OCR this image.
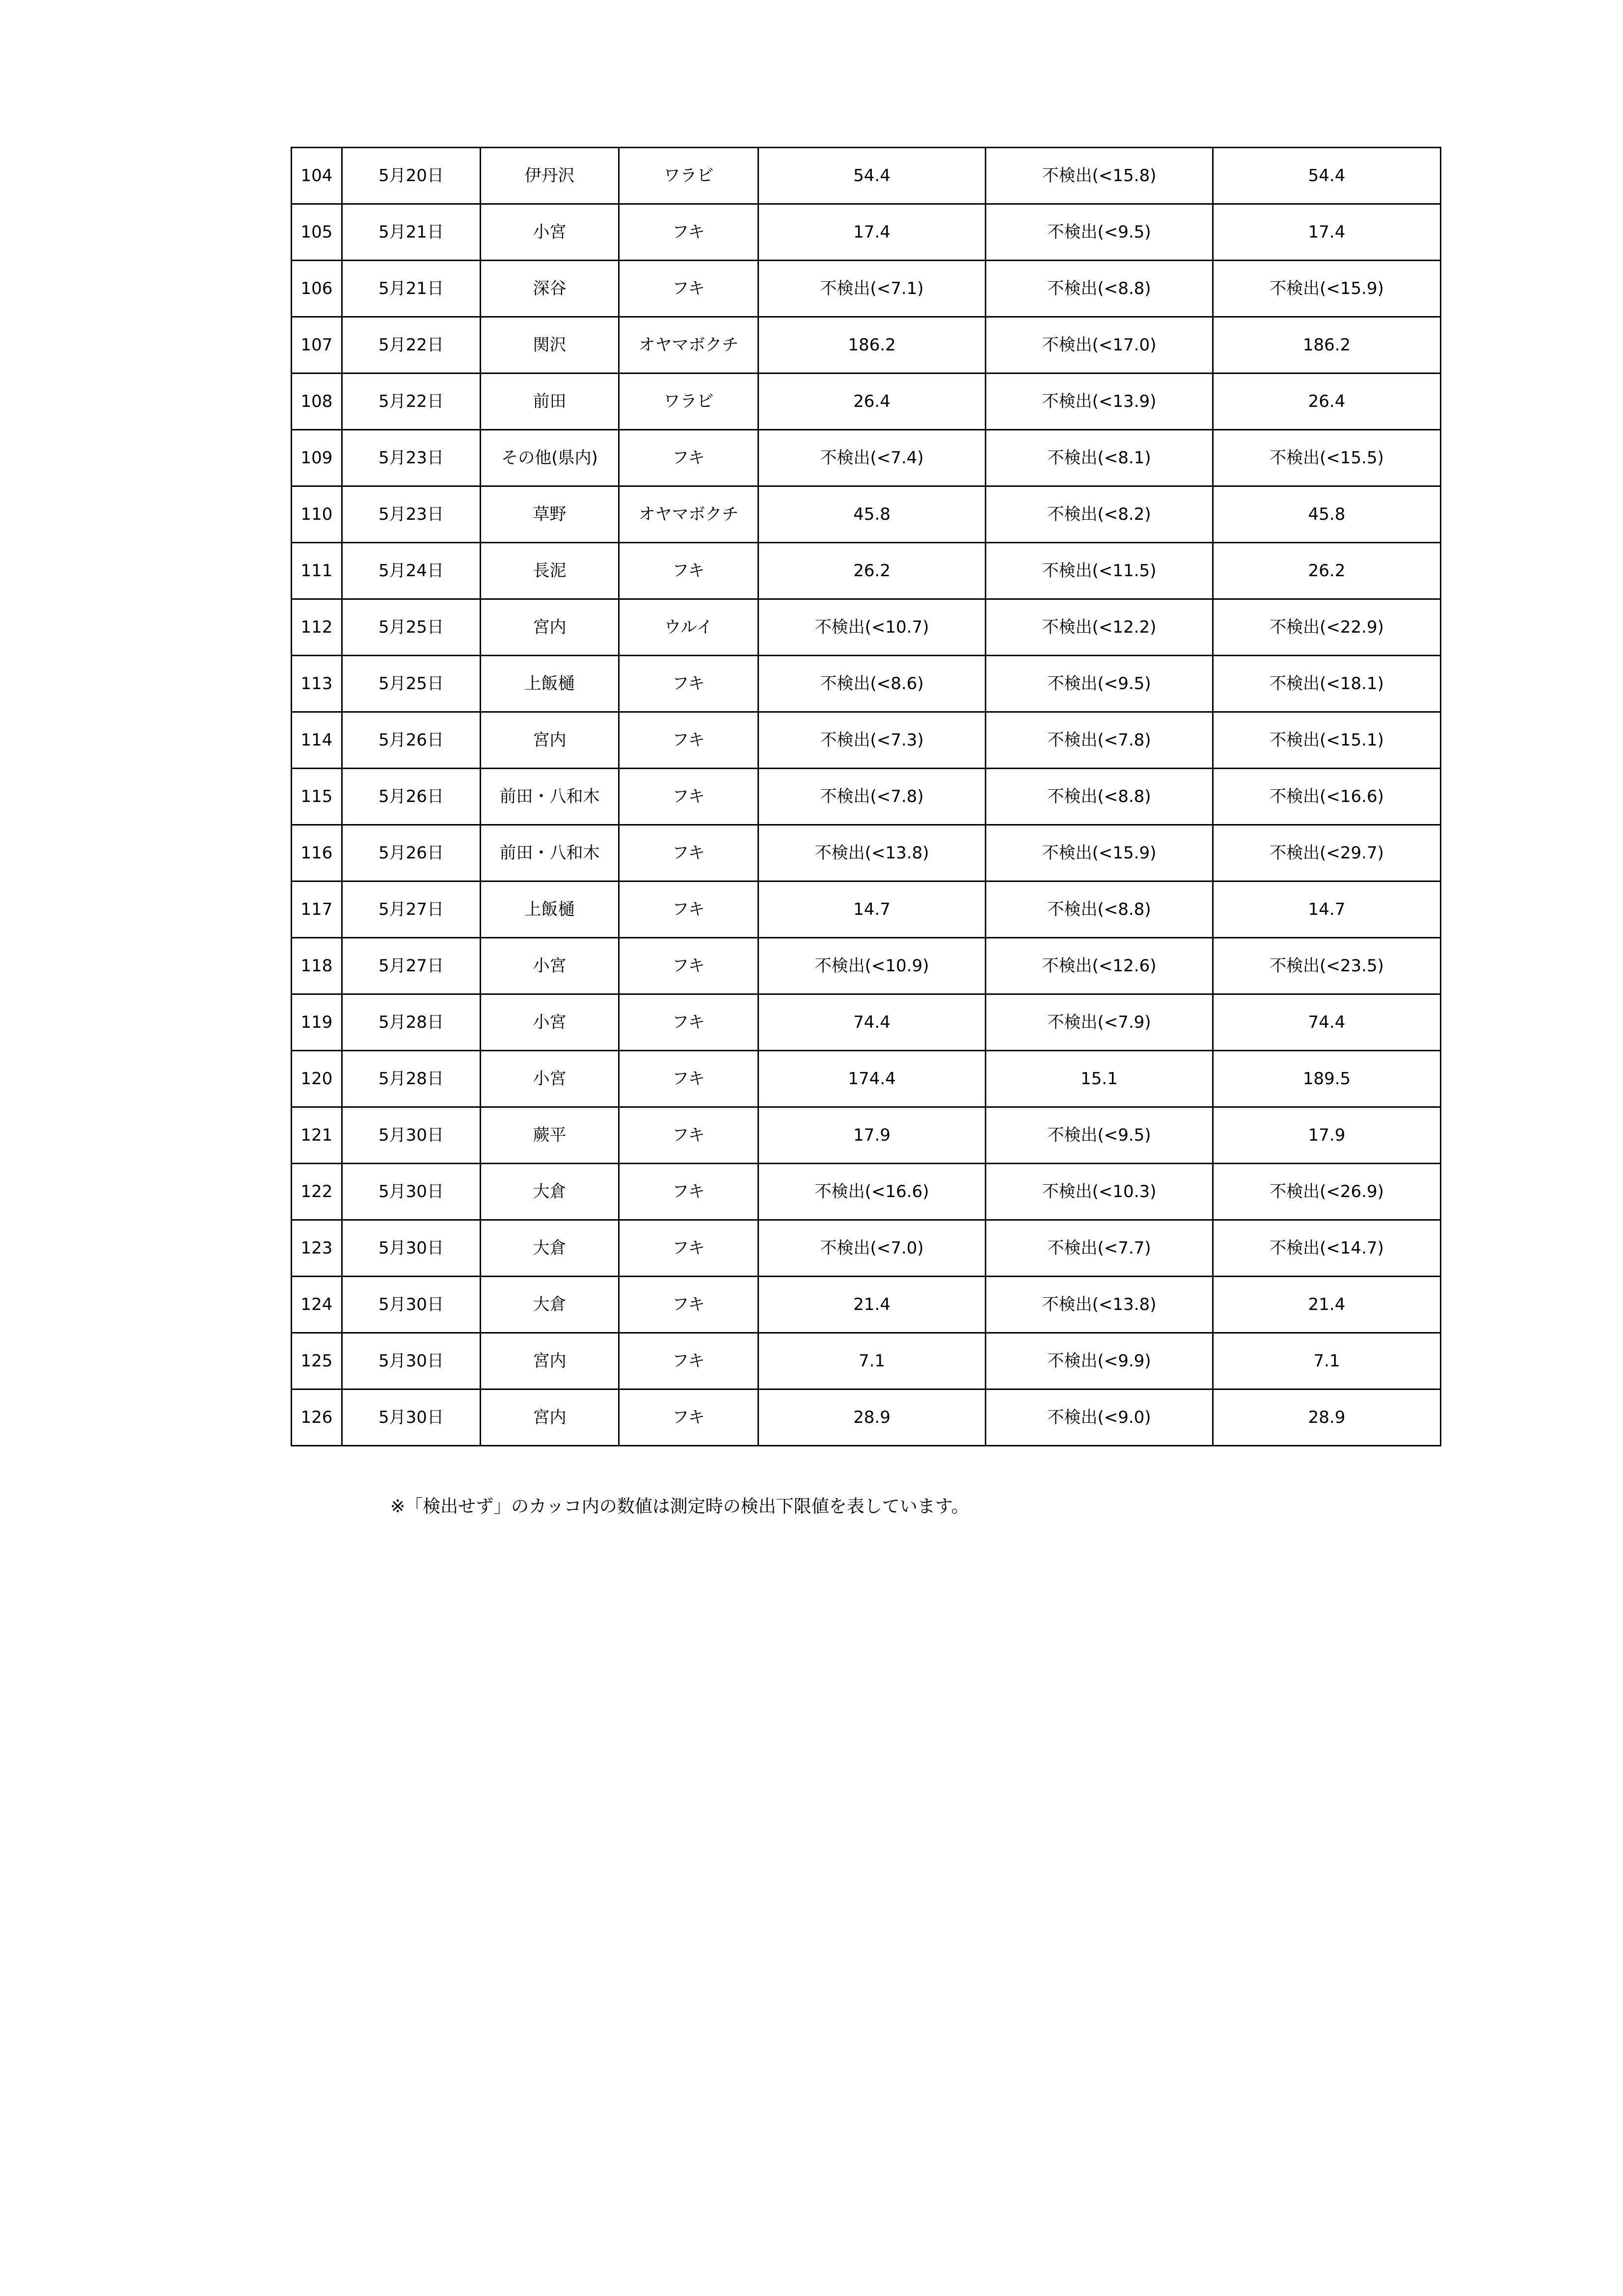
104	5月20日	伊丹沢	ワラビ	54.4	不検出(<15.8)	54.4
105	5月21日	小宮	フキ	17.4	不検出(<9.5)	17.4
106	5月21日	深谷	フキ	不検出(<7.1)	不検出(<8.8)	不検出(<15.9)
107	5月22日	関沢	オヤマボクチ	186.2	不検出(<17.0)	186.2
108	5月22日	前田	ワラビ	26.4	不検出(<13.9)	26.4
109	5月23日	その他(県内)	フキ	不検出(<7.4)	不検出(<8.1)	不検出(<15.5)
110	5月23日	草野	オヤマボクチ	45.8	不検出(<8.2)	45.8
111	5月24日	長泥	フキ	26.2	不検出(<11.5)	26.2
112	5月25日	宮内	ウルイ	不検出(<10.7)	不検出(<12.2)	不検出(<22.9)
113	5月25日	上飯樋	フキ	不検出(<8.6)	不検出(<9.5)	不検出(<18.1)
114	5月26日	宮内	フキ	不検出(<7.3)	不検出(<7.8)	不検出(<15.1)
115	5月26日	前田・八和木	フキ	不検出(<7.8)	不検出(<8.8)	不検出(<16.6)
116	5月26日	前田・八和木	フキ	不検出(<13.8)	不検出(<15.9)	不検出(<29.7)
117	5月27日	上飯樋	フキ	14.7	不検出(<8.8)	14.7
118	5月27日	小宮	フキ	不検出(<10.9)	不検出(<12.6)	不検出(<23.5)
119	5月28日	小宮	フキ	74.4	不検出(<7.9)	74.4
120	5月28日	小宮	フキ	174.4	15.1	189.5
121	5月30日	蕨平	フキ	17.9	不検出(<9.5)	17.9
122	5月30日	大倉	フキ	不検出(<16.6)	不検出(<10.3)	不検出(<26.9)
123	5月30日	大倉	フキ	不検出(<7.0)	不検出(<7.7)	不検出(<14.7)
124	5月30日	大倉	フキ	21.4	不検出(<13.8)	21.4
125	5月30日	宮内	フキ	7.1	不検出(<9.9)	7.1
126	5月30日	宮内	フキ	28.9	不検出(<9.0)	28.9
※「検出せず」のカッコ内の数値は測定時の検出下限値を表しています。
